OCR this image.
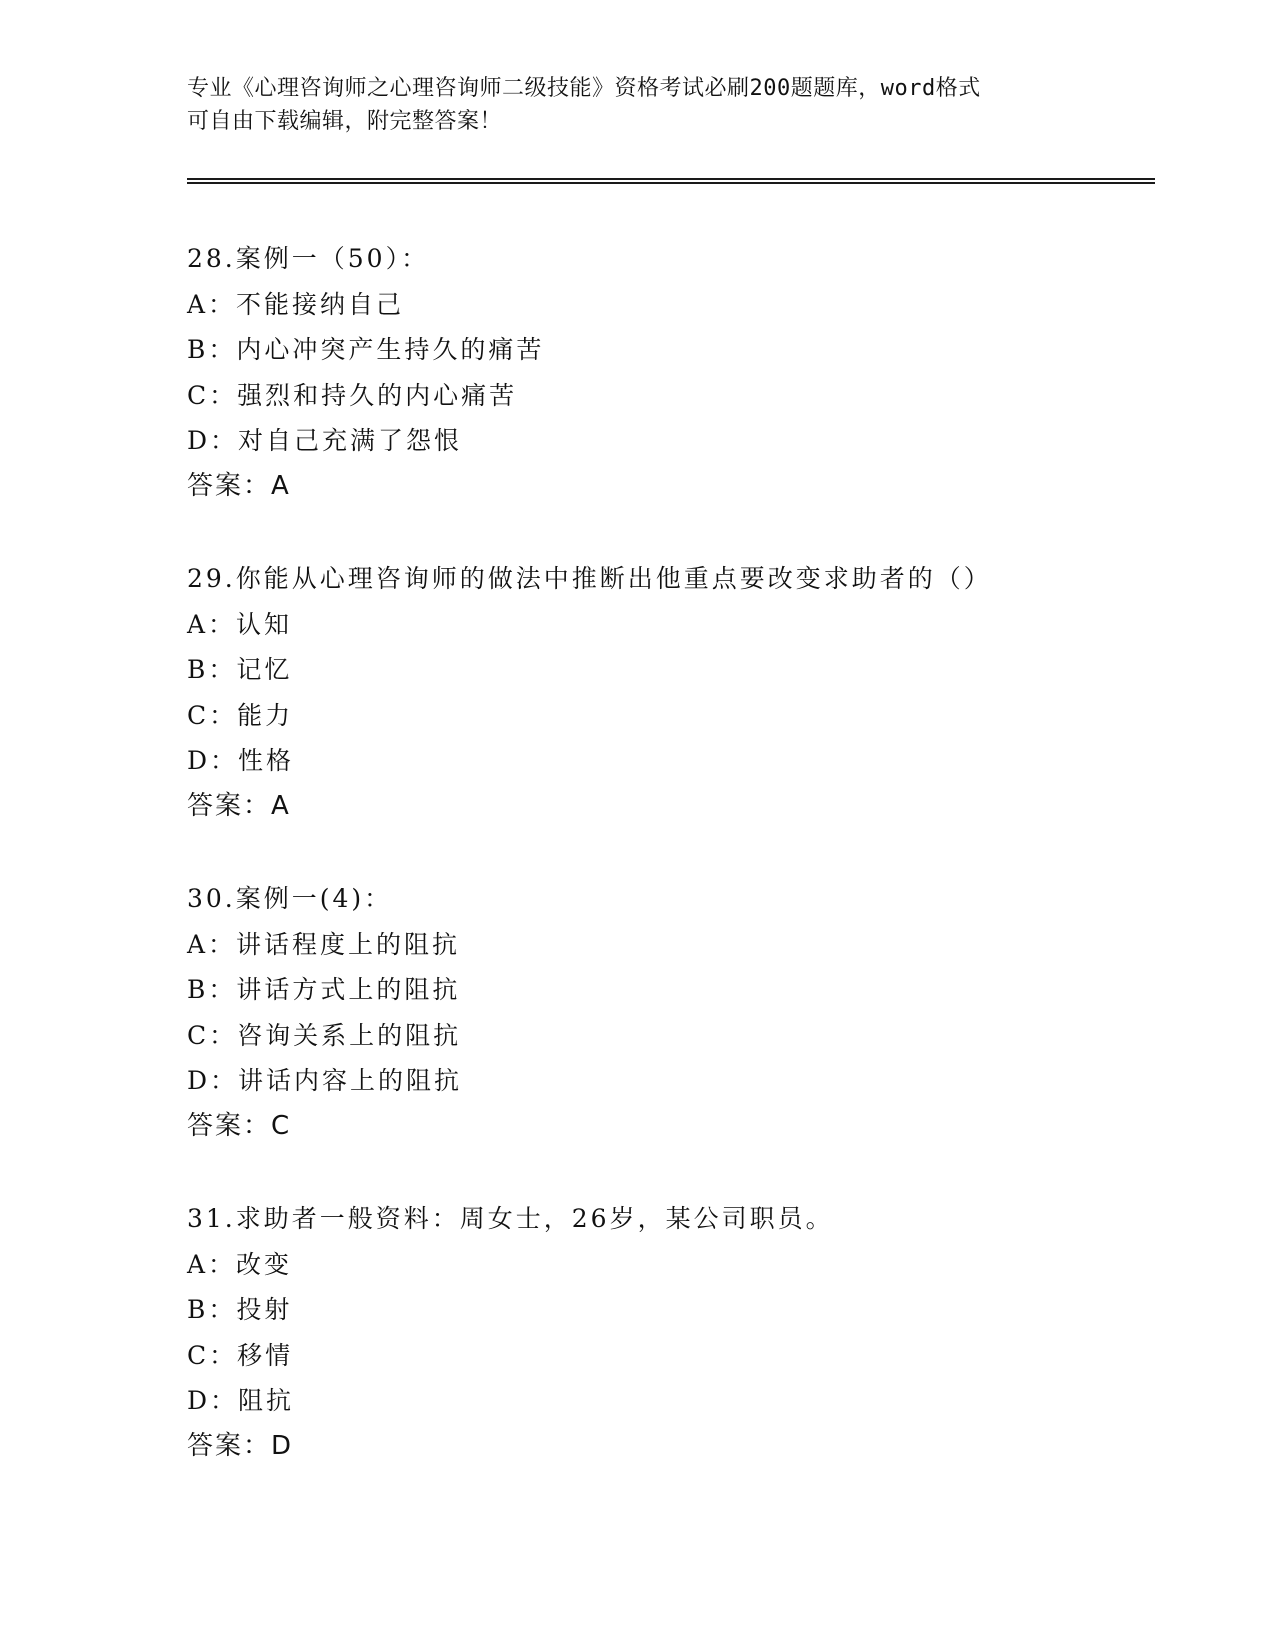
专业《心理咨询师之心理咨询师二级技能》资格考试必刷200题题库，word格式
可自由下载编辑，附完整答案！
28.案例一（50）：
A：不能接纳自己
B：内心冲突产生持久的痛苦
C：强烈和持久的内心痛苦
D：对自己充满了怨恨
答案：A
29.你能从心理咨询师的做法中推断出他重点要改变求助者的（）
A：认知
B：记忆
C：能力
D：性格
答案：A
30.案例一(4)：
A：讲话程度上的阻抗
B：讲话方式上的阻抗
C：咨询关系上的阻抗
D：讲话内容上的阻抗
答案：C
31.求助者一般资料：周女士，26岁，某公司职员。
A：改变
B：投射
C：移情
D：阻抗
答案：D
